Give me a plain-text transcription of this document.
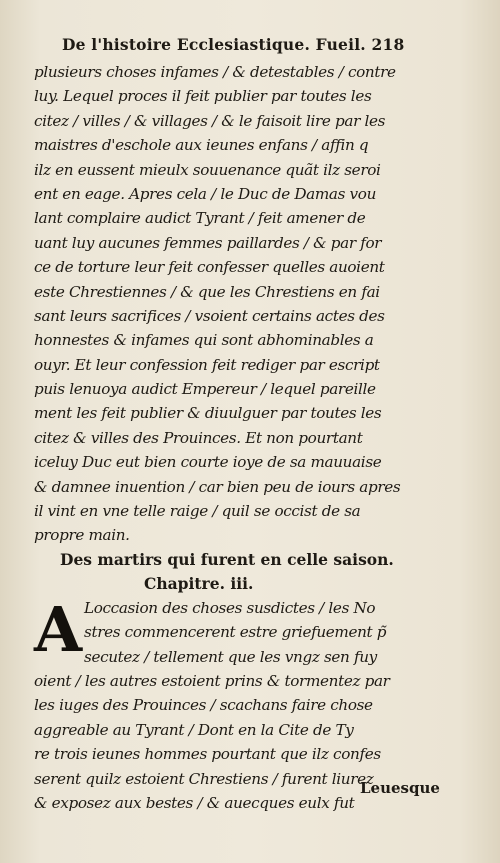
De l'histoire Ecclesiastique. Fueil. 218
plusieurs choses infames / & detestables / contre
luy. Lequel proces il feit publier par toutes les
citez / villes / & villages / & le faisoit lire par les
maistres d'eschole aux ieunes enfans / affin q
ilz en eussent mieulx souuenance quãt ilz seroi
ent en eage. Apres cela / le Duc de Damas vou
lant complaire audict Tyrant / feit amener de
uant luy aucunes femmes paillardes / & par for
ce de torture leur feit confesser quelles auoient
este Chrestiennes / & que les Chrestiens en fai
sant leurs sacrifices / vsoient certains actes des
honnestes & infames qui sont abhominables a
ouyr. Et leur confession feit rediger par escript
puis lenuoya audict Empereur / lequel pareille
ment les feit publier & diuulguer par toutes les
citez & villes des Prouinces. Et non pourtant
iceluy Duc eut bien courte ioye de sa mauuaise
& damnee inuention / car bien peu de iours apres
il vint en vne telle raige / quil se occist de sa
propre main.
Des martirs qui furent en celle saison.
Chapitre. iii.
A Loccasion des choses susdictes / les No
stres commencerent estre griefuement p̃
secutez / tellement que les vngz sen fuy
oient / les autres estoient prins & tormentez par
les iuges des Prouinces / scachans faire chose
aggreable au Tyrant / Dont en la Cite de Ty
re trois ieunes hommes pourtant que ilz confes
serent quilz estoient Chrestiens / furent liurez
& exposez aux bestes / & auecques eulx fut
Leuesque
